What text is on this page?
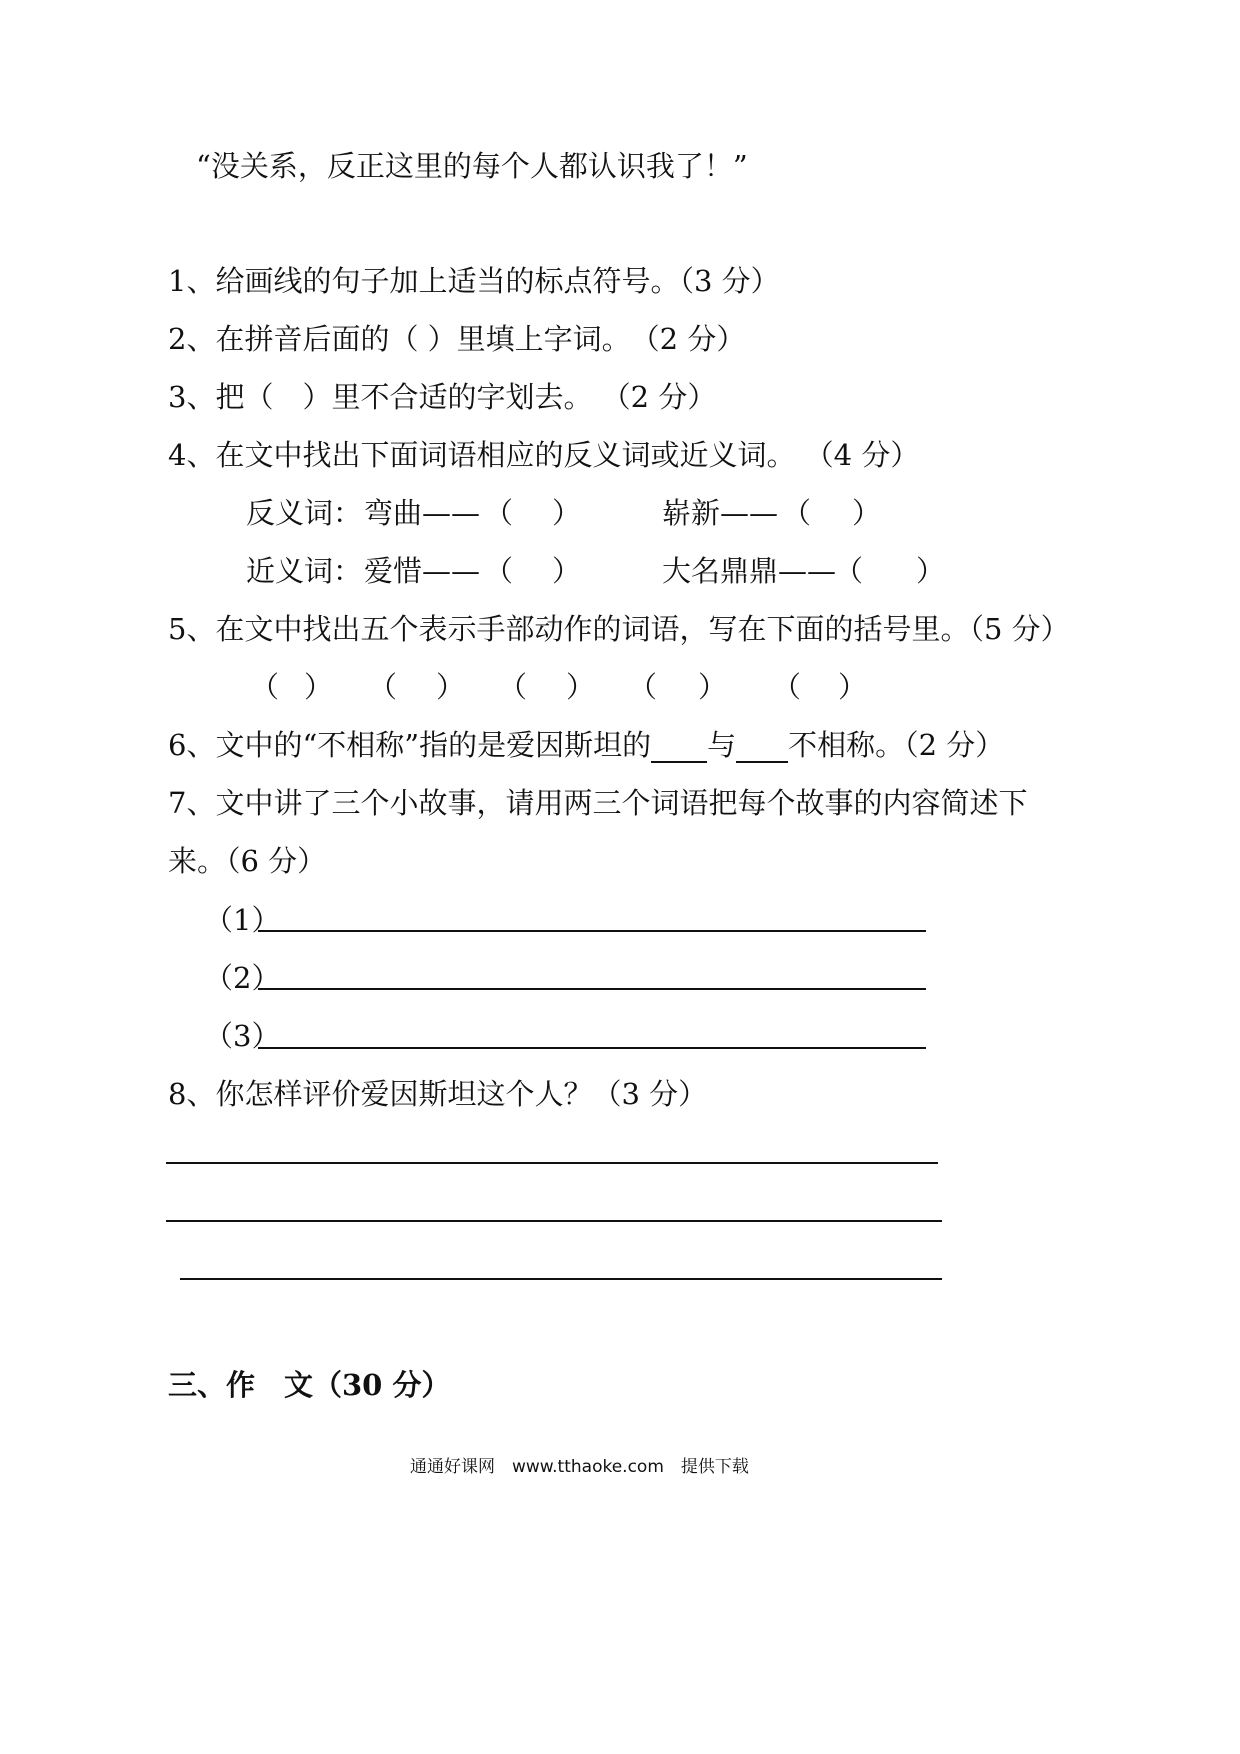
“没关系，反正这里的每个人都认识我了！”
1、给画线的句子加上适当的标点符号。（3 分）
2、在拼音后面的（ ）里填上字词。　（2 分）
3、把（　）里不合适的字划去。 （2 分）
4、在文中找出下面词语相应的反义词或近义词。 （4 分）
反义词： 弯曲—— （ ）	崭新—— （ ）
近义词： 爱惜—— （ ）	大名鼎鼎——
（ ）
5、在文中找出五个表示手部动作的词语，写在下面的括号里。（5 分）
（ ） （ ） （ ） （ ） （ ）
6、文中的“不相称”指的是爱因斯坦的 与 不相称。（2 分）
7、文中讲了三个小故事，请用两三个词语把每个故事的内容简述下
来。（6 分）
（1）
（2）
（3）
8、你怎样评价爱因斯坦这个人？（3 分）
三、作　文（30 分）
通通好课网　www.tthaoke.com　提供下载
